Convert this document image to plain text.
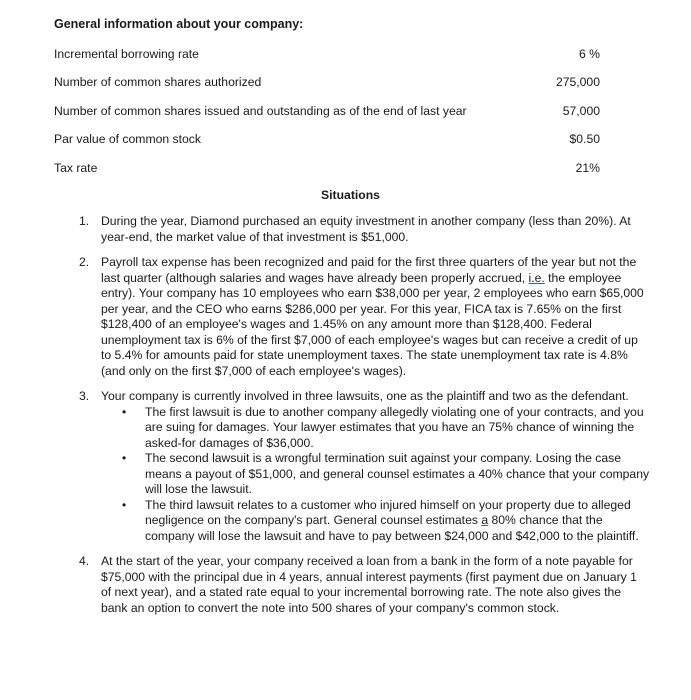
General information about your company:
Incremental borrowing rate	6 %
Number of common shares authorized	275,000
Number of common shares issued and outstanding as of the end of last year	57,000
Par value of common stock	$0.50
Tax rate	21%
Situations
1. During the year, Diamond purchased an equity investment in another company (less than 20%). At year-end, the market value of that investment is $51,000.
2. Payroll tax expense has been recognized and paid for the first three quarters of the year but not the last quarter (although salaries and wages have already been properly accrued, i.e. the employee entry). Your company has 10 employees who earn $38,000 per year, 2 employees who earn $65,000 per year, and the CEO who earns $286,000 per year. For this year, FICA tax is 7.65% on the first $128,400 of an employee's wages and 1.45% on any amount more than $128,400. Federal unemployment tax is 6% of the first $7,000 of each employee's wages but can receive a credit of up to 5.4% for amounts paid for state unemployment taxes. The state unemployment tax rate is 4.8% (and only on the first $7,000 of each employee's wages).
3. Your company is currently involved in three lawsuits, one as the plaintiff and two as the defendant.
• The first lawsuit is due to another company allegedly violating one of your contracts, and you are suing for damages. Your lawyer estimates that you have an 75% chance of winning the asked-for damages of $36,000.
• The second lawsuit is a wrongful termination suit against your company. Losing the case means a payout of $51,000, and general counsel estimates a 40% chance that your company will lose the lawsuit.
• The third lawsuit relates to a customer who injured himself on your property due to alleged negligence on the company's part. General counsel estimates a 80% chance that the company will lose the lawsuit and have to pay between $24,000 and $42,000 to the plaintiff.
4. At the start of the year, your company received a loan from a bank in the form of a note payable for $75,000 with the principal due in 4 years, annual interest payments (first payment due on January 1 of next year), and a stated rate equal to your incremental borrowing rate. The note also gives the bank an option to convert the note into 500 shares of your company's common stock.
